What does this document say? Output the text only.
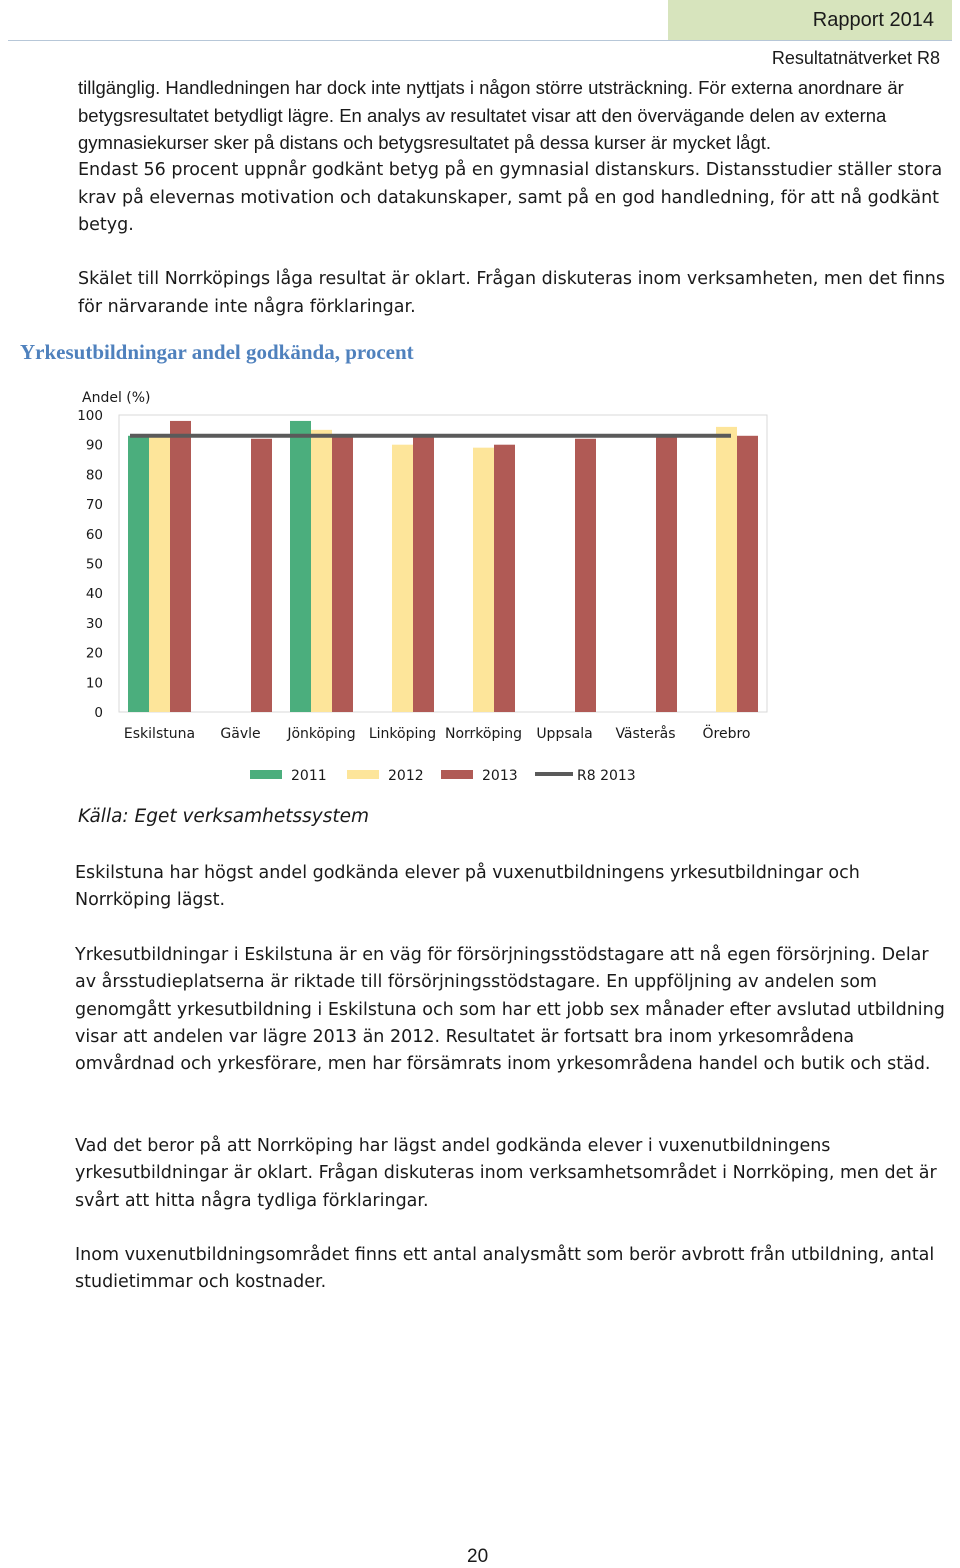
Rapport 2014
Resultatnätverket R8

tillgänglig. Handledningen har dock inte nyttjats i någon större utsträckning. För externa anordnare är betygsresultatet betydligt lägre. En analys av resultatet visar att den övervägande delen av externa gymnasiekurser sker på distans och betygsresultatet på dessa kurser är mycket lågt.

Endast 56 procent uppnår godkänt betyg på en gymnasial distanskurs. Distansstudier ställer stora krav på elevernas motivation och datakunskaper, samt på en god handledning, för att nå godkänt betyg.

Skälet till Norrköpings låga resultat är oklart. Frågan diskuteras inom verksamheten, men det finns för närvarande inte några förklaringar.

Yrkesutbildningar andel godkända, procent
Andel (%)
0
10
20
30
40
50
60
70
80
90
100
Eskilstuna Gävle Jönköping Linköping Norrköping Uppsala Västerås Örebro
2011	2012	2013	R8 2013

Källa: Eget verksamhetssystem

Eskilstuna har högst andel godkända elever på vuxenutbildningens yrkesutbildningar och Norrköping lägst.

Yrkesutbildningar i Eskilstuna är en väg för försörjningsstödstagare att nå egen försörjning. Delar av årsstudieplatserna är riktade till försörjningsstödstagare. En uppföljning av andelen som genomgått yrkesutbildning i Eskilstuna och som har ett jobb sex månader efter avslutad utbildning visar att andelen var lägre 2013 än 2012. Resultatet är fortsatt bra inom yrkesområdena omvårdnad och yrkesförare, men har försämrats inom yrkesområdena handel och butik och städ.

Vad det beror på att Norrköping har lägst andel godkända elever i vuxenutbildningens yrkesutbildningar är oklart. Frågan diskuteras inom verksamhetsområdet i Norrköping, men det är svårt att hitta några tydliga förklaringar.

Inom vuxenutbildningsområdet finns ett antal analysmått som berör avbrott från utbildning, antal studietimmar och kostnader.

20
